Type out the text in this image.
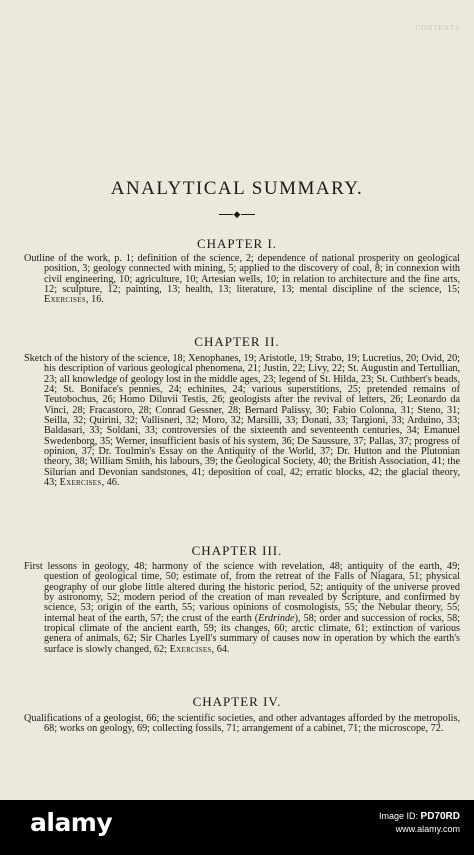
CONTENTS
ANALYTICAL SUMMARY.
◆
CHAPTER I.

Outline of the work, p. 1; definition of the science, 2; dependence of national prosperity on geological position, 3; geology connected with mining, 5; applied to the discovery of coal, 8; in connexion with civil engineering, 10; agriculture, 10; Artesian wells, 10; in relation to architecture and the fine arts, 12; sculpture, 12; painting, 13; health, 13; literature, 13; mental discipline of the science, 15; Exercises, 16.

CHAPTER II.

Sketch of the history of the science, 18; Xenophanes, 19; Aristotle, 19; Strabo, 19; Lucretius, 20; Ovid, 20; his description of various geological phenomena, 21; Justin, 22; Livy, 22; St. Augustin and Tertullian, 23; all knowledge of geology lost in the middle ages, 23; legend of St. Hilda, 23; St. Cuthbert's beads, 24; St. Boniface's pennies, 24; echinites, 24; various superstitions, 25; pretended remains of Teutobochus, 26; Homo Diluvii Testis, 26; geologists after the revival of letters, 26; Leonardo da Vinci, 28; Fracastoro, 28; Conrad Gessner, 28; Bernard Palissy, 30; Fabio Colonna, 31; Steno, 31; Seilla, 32; Quirini, 32; Vallisneri, 32; Moro, 32; Marsilli, 33; Donati, 33; Targioni, 33; Arduino, 33; Baldasari, 33; Soldani, 33; controversies of the sixteenth and seventeenth centuries, 34; Emanuel Swedenborg, 35; Werner, insufficient basis of his system, 36; De Saussure, 37; Pallas, 37; progress of opinion, 37; Dr. Toulmin's Essay on the Antiquity of the World, 37; Dr. Hutton and the Plutonian theory, 38; William Smith, his labours, 39; the Geological Society, 40; the British Association, 41; the Silurian and Devonian sandstones, 41; deposition of coal, 42; erratic blocks, 42; the glacial theory, 43; Exercises, 46.

CHAPTER III.

First lessons in geology, 48; harmony of the science with revelation, 48; antiquity of the earth, 49; question of geological time, 50; estimate of, from the retreat of the Falls of Niagara, 51; physical geography of our globe little altered during the historic period, 52; antiquity of the universe proved by astronomy, 52; modern period of the creation of man revealed by Scripture, and confirmed by science, 53; origin of the earth, 55; various opinions of cosmologists, 55; the Nebular theory, 55; internal heat of the earth, 57; the crust of the earth (Erdrinde), 58; order and succession of rocks, 58; tropical climate of the ancient earth, 59; its changes, 60; arctic climate, 61; extinction of various genera of animals, 62; Sir Charles Lyell's summary of causes now in operation by which the earth's surface is slowly changed, 62; Exercises, 64.

CHAPTER IV.

Qualifications of a geologist, 66; the scientific societies, and other advantages afforded by the metropolis, 68; works on geology, 69; collecting fossils, 71; arrangement of a cabinet, 71; the microscope, 72.

alamy	Image ID: PD70RD
www.alamy.com
